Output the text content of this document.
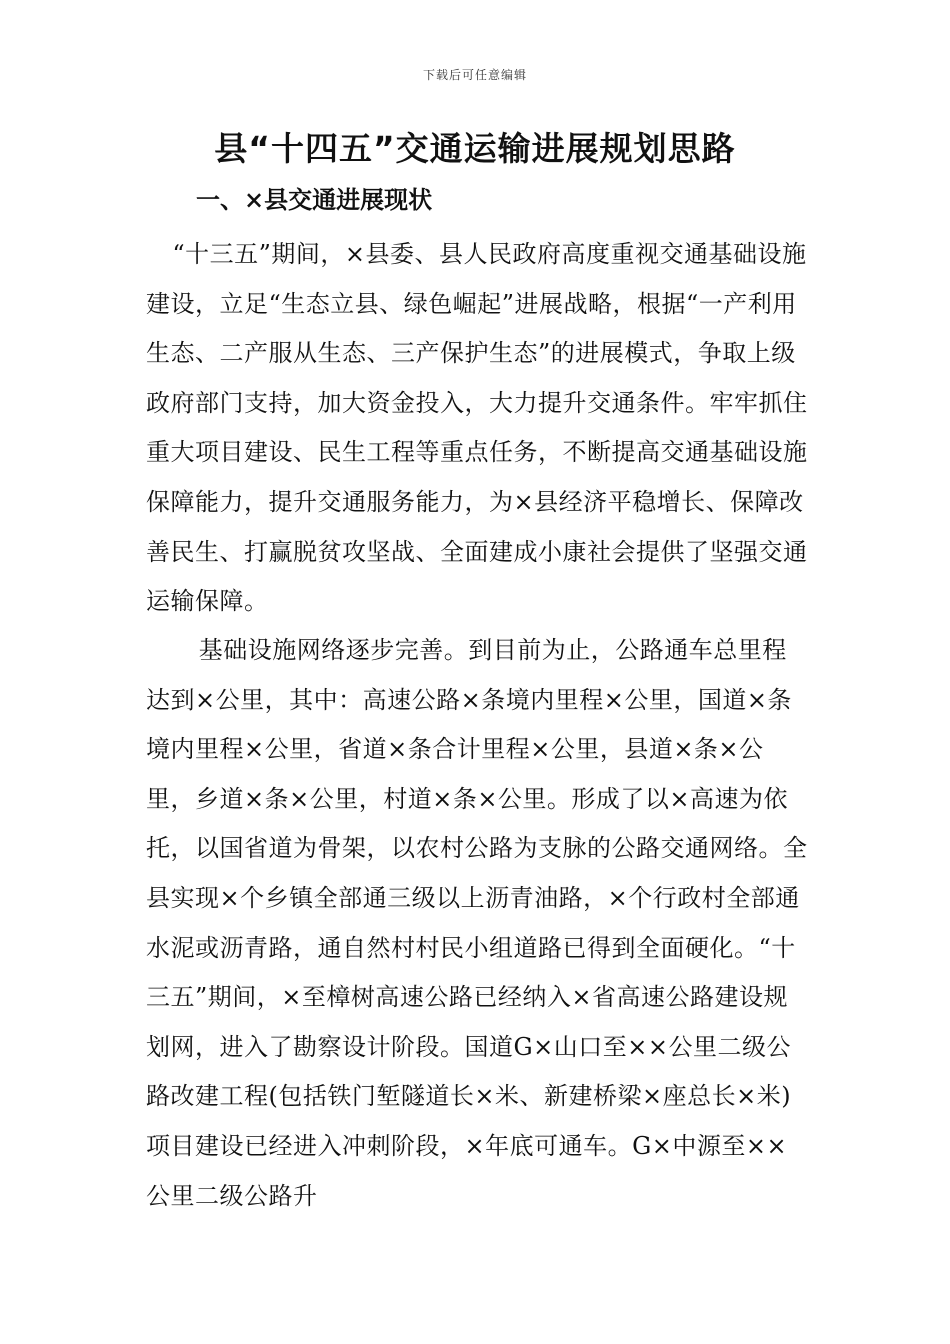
下载后可任意编辑
县“十四五”交通运输进展规划思路
一、×县交通进展现状

“十三五”期间，×县委、县人民政府高度重视交通基础设施建设，立足“生态立县、绿色崛起”进展战略，根据“一产利用生态、二产服从生态、三产保护生态”的进展模式，争取上级政府部门支持，加大资金投入，大力提升交通条件。牢牢抓住重大项目建设、民生工程等重点任务，不断提高交通基础设施保障能力，提升交通服务能力，为×县经济平稳增长、保障改善民生、打赢脱贫攻坚战、全面建成小康社会提供了坚强交通运输保障。

基础设施网络逐步完善。到目前为止，公路通车总里程达到×公里，其中：高速公路×条境内里程×公里，国道×条境内里程×公里，省道×条合计里程×公里，县道×条×公里，乡道×条×公里，村道×条×公里。形成了以×高速为依托，以国省道为骨架，以农村公路为支脉的公路交通网络。全县实现×个乡镇全部通三级以上沥青油路，×个行政村全部通水泥或沥青路，通自然村村民小组道路已得到全面硬化。“十三五”期间，×至樟树高速公路已经纳入×省高速公路建设规划网，进入了勘察设计阶段。国道G×山口至××公里二级公路改建工程(包括铁门堑隧道长×米、新建桥梁×座总长×米)项目建设已经进入冲刺阶段，×年底可通车。G×中源至××公里二级公路升
